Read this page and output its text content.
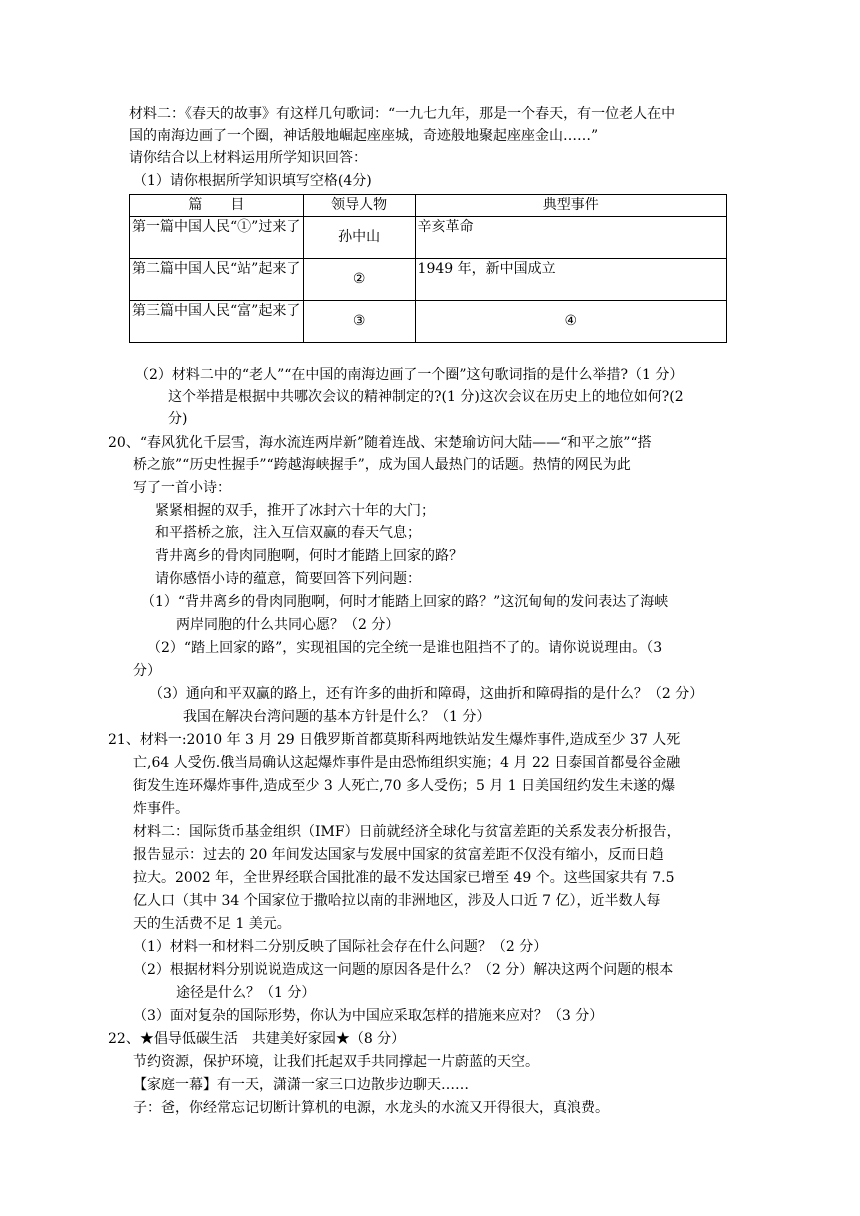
材料二：《春天的故事》有这样几句歌词：“一九七九年，那是一个春天，有一位老人在中
国的南海边画了一个圈，神话般地崛起座座城，奇迹般地聚起座座金山……”
请你结合以上材料运用所学知识回答：
（1）请你根据所学知识填写空格(4分)
篇　　目	领导人物	典型事件
第一篇中国人民“①”过来了	孙中山	辛亥革命
第二篇中国人民“站”起来了	②	1949 年，新中国成立
第三篇中国人民“富”起来了	③	④
（2）材料二中的“老人”“在中国的南海边画了一个圈”这句歌词指的是什么举措?（1 分）
这个举措是根据中共哪次会议的精神制定的?(1 分)这次会议在历史上的地位如何?(2
分)
20、“春风犹化千层雪，海水流连两岸新”随着连战、宋楚瑜访问大陆——“和平之旅”“搭
桥之旅”“历史性握手”“跨越海峡握手”，成为国人最热门的话题。热情的网民为此
写了一首小诗：
紧紧相握的双手，推开了冰封六十年的大门；
和平搭桥之旅，注入互信双赢的春天气息；
背井离乡的骨肉同胞啊，何时才能踏上回家的路？
请你感悟小诗的蕴意，简要回答下列问题：
（1）“背井离乡的骨肉同胞啊，何时才能踏上回家的路？”这沉甸甸的发问表达了海峡
两岸同胞的什么共同心愿？（2 分）
（2）“踏上回家的路”，实现祖国的完全统一是谁也阻挡不了的。请你说说理由。（3
分）
（3）通向和平双赢的路上，还有许多的曲折和障碍，这曲折和障碍指的是什么？（2 分）
我国在解决台湾问题的基本方针是什么？（1 分）
21、材料一:2010 年 3 月 29 日俄罗斯首都莫斯科两地铁站发生爆炸事件,造成至少 37 人死
亡,64 人受伤.俄当局确认这起爆炸事件是由恐怖组织实施；4 月 22 日泰国首都曼谷金融
街发生连环爆炸事件,造成至少 3 人死亡,70 多人受伤；5 月 1 日美国纽约发生未遂的爆
炸事件。
材料二：国际货币基金组织（IMF）日前就经济全球化与贫富差距的关系发表分析报告，
报告显示：过去的 20 年间发达国家与发展中国家的贫富差距不仅没有缩小，反而日趋
拉大。2002 年，全世界经联合国批准的最不发达国家已增至 49 个。这些国家共有 7.5
亿人口（其中 34 个国家位于撒哈拉以南的非洲地区，涉及人口近 7 亿），近半数人每
天的生活费不足 1 美元。
（1）材料一和材料二分别反映了国际社会存在什么问题？（2 分）
（2）根据材料分别说说造成这一问题的原因各是什么？（2 分）解决这两个问题的根本
途径是什么？（1 分）
（3）面对复杂的国际形势，你认为中国应采取怎样的措施来应对？（3 分）
22、★倡导低碳生活　共建美好家园★（8 分）
节约资源，保护环境，让我们托起双手共同撑起一片蔚蓝的天空。
【家庭一幕】有一天，潇潇一家三口边散步边聊天……
子：爸，你经常忘记切断计算机的电源，水龙头的水流又开得很大，真浪费。
